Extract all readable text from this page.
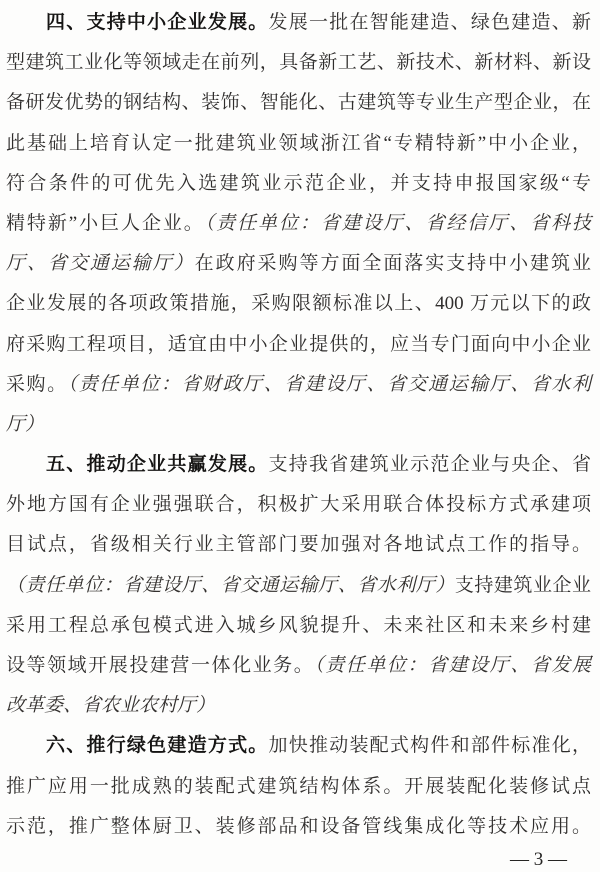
四、支持中小企业发展。发展一批在智能建造、绿色建造、新
型建筑工业化等领域走在前列，具备新工艺、新技术、新材料、新设
备研发优势的钢结构、装饰、智能化、古建筑等专业生产型企业，在
此基础上培育认定一批建筑业领域浙江省“专精特新”中小企业，
符合条件的可优先入选建筑业示范企业，并支持申报国家级“专
精特新”小巨人企业。（责任单位：省建设厅、省经信厅、省科技
厅、省交通运输厅）在政府采购等方面全面落实支持中小建筑业
企业发展的各项政策措施，采购限额标准以上、400 万元以下的政
府采购工程项目，适宜由中小企业提供的，应当专门面向中小企业
采购。（责任单位：省财政厅、省建设厅、省交通运输厅、省水利
厅）
五、推动企业共赢发展。支持我省建筑业示范企业与央企、省
外地方国有企业强强联合，积极扩大采用联合体投标方式承建项
目试点，省级相关行业主管部门要加强对各地试点工作的指导。
（责任单位：省建设厅、省交通运输厅、省水利厅）支持建筑业企业
采用工程总承包模式进入城乡风貌提升、未来社区和未来乡村建
设等领域开展投建营一体化业务。（责任单位：省建设厅、省发展
改革委、省农业农村厅）
六、推行绿色建造方式。加快推动装配式构件和部件标准化，
推广应用一批成熟的装配式建筑结构体系。开展装配化装修试点
示范，推广整体厨卫、装修部品和设备管线集成化等技术应用。
— 3 —
